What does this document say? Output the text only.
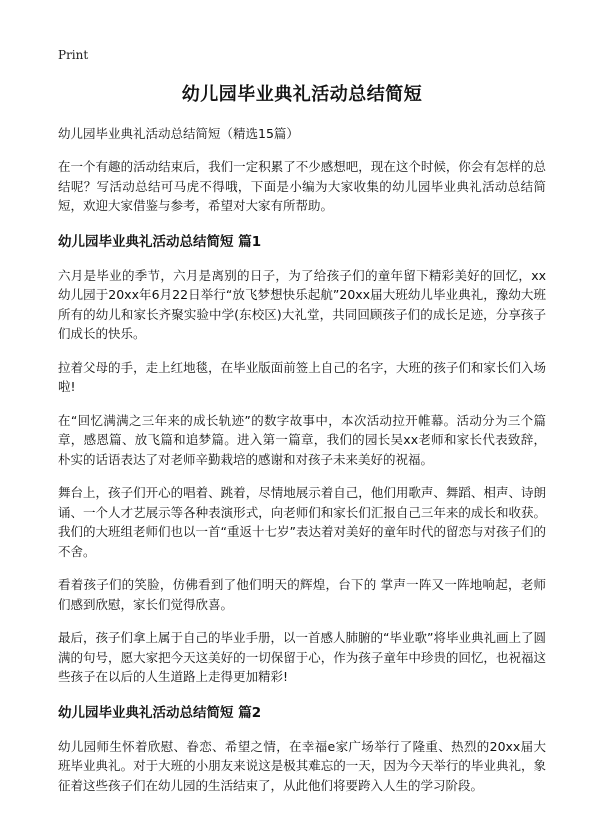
Print
幼儿园毕业典礼活动总结简短
幼儿园毕业典礼活动总结简短（精选15篇）

在一个有趣的活动结束后，我们一定积累了不少感想吧，现在这个时候，你会有怎样的总结呢？写活动总结可马虎不得哦，下面是小编为大家收集的幼儿园毕业典礼活动总结简短，欢迎大家借鉴与参考，希望对大家有所帮助。

幼儿园毕业典礼活动总结简短 篇1

六月是毕业的季节，六月是离别的日子，为了给孩子们的童年留下精彩美好的回忆，xx幼儿园于20xx年6月22日举行“放飞梦想快乐起航”20xx届大班幼儿毕业典礼，豫幼大班所有的幼儿和家长齐聚实验中学(东校区)大礼堂，共同回顾孩子们的成长足迹，分享孩子们成长的快乐。

拉着父母的手，走上红地毯，在毕业版面前签上自己的名字，大班的孩子们和家长们入场啦!

在“回忆满满之三年来的成长轨迹”的数字故事中，本次活动拉开帷幕。活动分为三个篇章，感恩篇、放飞篇和追梦篇。进入第一篇章，我们的园长吴xx老师和家长代表致辞，朴实的话语表达了对老师辛勤栽培的感谢和对孩子未来美好的祝福。

舞台上，孩子们开心的唱着、跳着，尽情地展示着自己，他们用歌声、舞蹈、相声、诗朗诵、一个人才艺展示等各种表演形式，向老师们和家长们汇报自己三年来的成长和收获。我们的大班组老师们也以一首“重返十七岁”表达着对美好的童年时代的留恋与对孩子们的不舍。

看着孩子们的笑脸，仿佛看到了他们明天的辉煌，台下的 掌声一阵又一阵地响起，老师们感到欣慰，家长们觉得欣喜。

最后，孩子们拿上属于自己的毕业手册，以一首感人肺腑的“毕业歌”将毕业典礼画上了圆 满的句号，愿大家把今天这美好的一切保留于心，作为孩子童年中珍贵的回忆，也祝福这些孩子在以后的人生道路上走得更加精彩!

幼儿园毕业典礼活动总结简短 篇2

幼儿园师生怀着欣慰、眷恋、希望之情，在幸福e家广场举行了隆重、热烈的20xx届大班毕业典礼。对于大班的小朋友来说这是极其难忘的一天，因为今天举行的毕业典礼，象征着这些孩子们在幼儿园的生活结束了，从此他们将要跨入人生的学习阶段。
